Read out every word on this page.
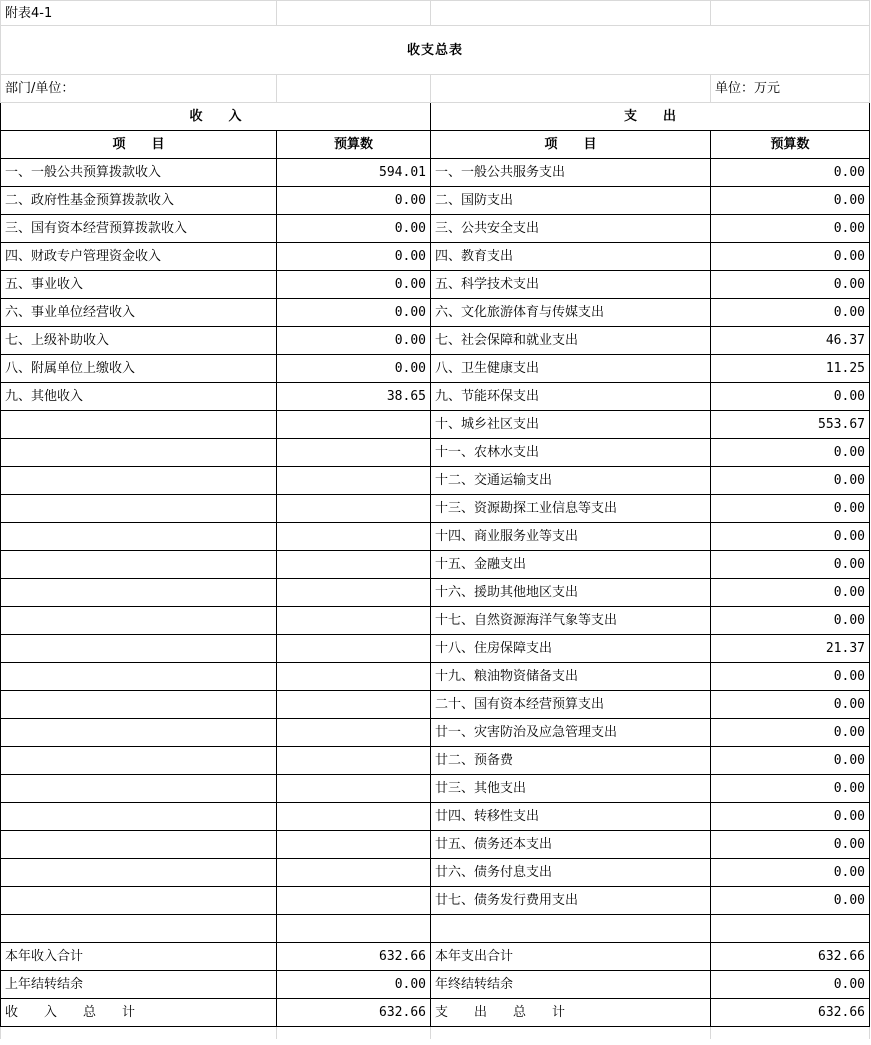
附表4-1			
收支总表			
部门/单位：			单位：万元
收　　入		支　　出	
项　　目	预算数	项　　目	预算数
一、一般公共预算拨款收入	594.01	一、一般公共服务支出	0.00
二、政府性基金预算拨款收入	0.00	二、国防支出	0.00
三、国有资本经营预算拨款收入	0.00	三、公共安全支出	0.00
四、财政专户管理资金收入	0.00	四、教育支出	0.00
五、事业收入	0.00	五、科学技术支出	0.00
六、事业单位经营收入	0.00	六、文化旅游体育与传媒支出	0.00
七、上级补助收入	0.00	七、社会保障和就业支出	46.37
八、附属单位上缴收入	0.00	八、卫生健康支出	11.25
九、其他收入	38.65	九、节能环保支出	0.00
		十、城乡社区支出	553.67
		十一、农林水支出	0.00
		十二、交通运输支出	0.00
		十三、资源勘探工业信息等支出	0.00
		十四、商业服务业等支出	0.00
		十五、金融支出	0.00
		十六、援助其他地区支出	0.00
		十七、自然资源海洋气象等支出	0.00
		十八、住房保障支出	21.37
		十九、粮油物资储备支出	0.00
		二十、国有资本经营预算支出	0.00
		廿一、灾害防治及应急管理支出	0.00
		廿二、预备费	0.00
		廿三、其他支出	0.00
		廿四、转移性支出	0.00
		廿五、债务还本支出	0.00
		廿六、债务付息支出	0.00
		廿七、债务发行费用支出	0.00

本年收入合计	632.66	本年支出合计	632.66
上年结转结余	0.00	年终结转结余	0.00
收　　入　　总　　计	632.66	支　　出　　总　　计	632.66
